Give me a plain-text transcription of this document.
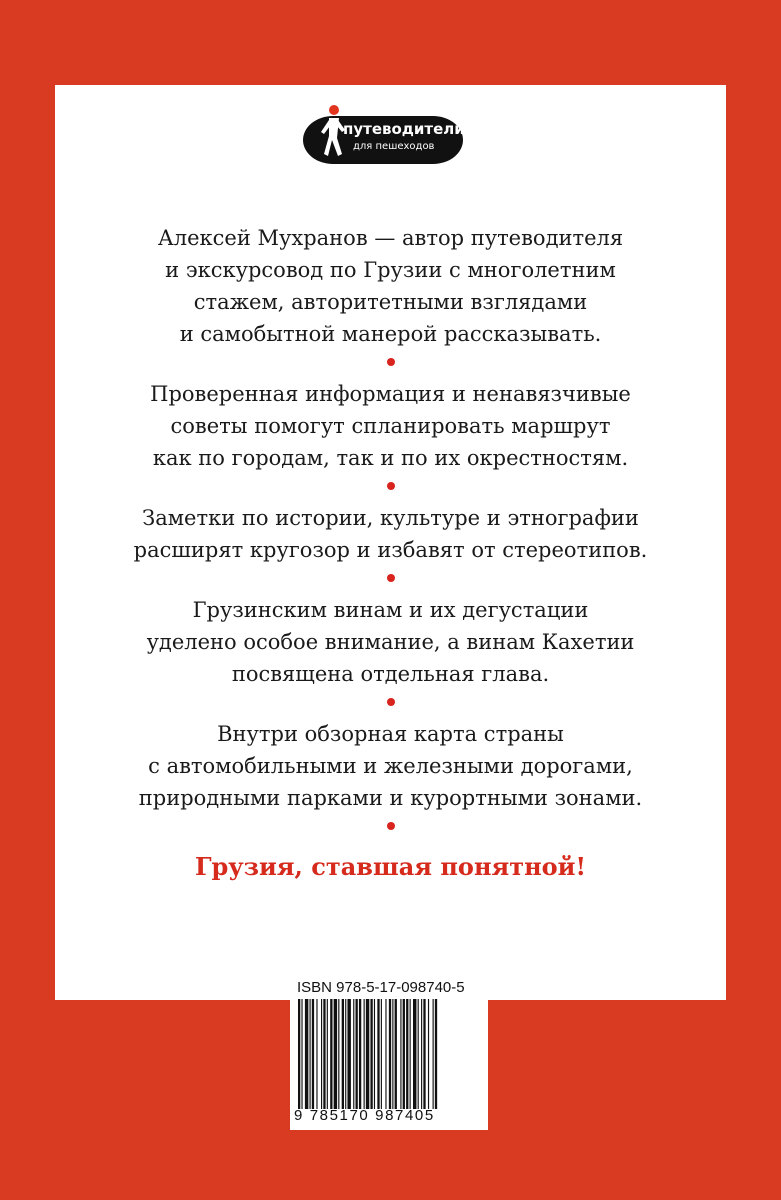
путеводители
для пешеходов

Алексей Мухранов — автор путеводителя
и экскурсовод по Грузии с многолетним
стажем, авторитетными взглядами
и самобытной манерой рассказывать.

Проверенная информация и ненавязчивые
советы помогут спланировать маршрут
как по городам, так и по их окрестностям.

Заметки по истории, культуре и этнографии
расширят кругозор и избавят от стереотипов.

Грузинским винам и их дегустации
уделено особое внимание, а винам Кахетии
посвящена отдельная глава.

Внутри обзорная карта страны
с автомобильными и железными дорогами,
природными парками и курортными зонами.

Грузия, ставшая понятной!
ISBN 978-5-17-098740-5
9 785170 987405
